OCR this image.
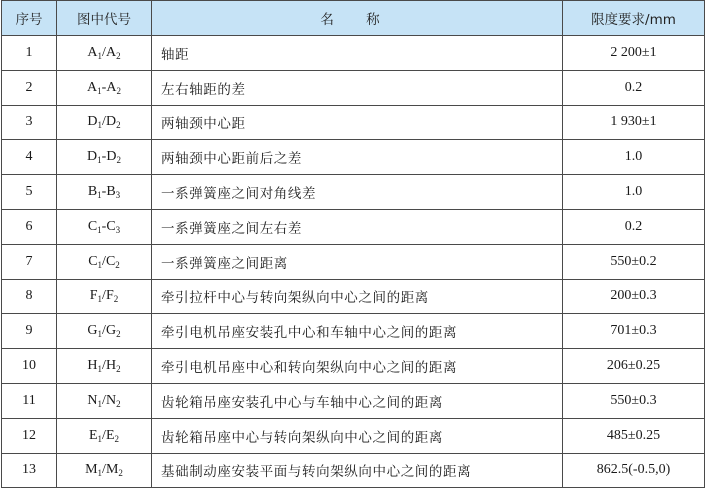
序号	图中代号	名 称	限度要求/mm
1	$A_1/A_2$	轴距	2 200±1
2	$A_1-A_2$	左右轴距的差	0.2
3	$D_1/D_2$	两轴颈中心距	1 930±1
4	$D_1-D_2$	两轴颈中心距前后之差	1.0
5	$B_1-B_3$	一系弹簧座之间对角线差	1.0
6	$C_1-C_3$	一系弹簧座之间左右差	0.2
7	$C_1/C_2$	一系弹簧座之间距离	550±0.2
8	$F_1/F_2$	牵引拉杆中心与转向架纵向中心之间的距离	200±0.3
9	$G_1/G_2$	牵引电机吊座安装孔中心和车轴中心之间的距离	701±0.3
10	$H_1/H_2$	牵引电机吊座中心和转向架纵向中心之间的距离	206±0.25
11	$N_1/N_2$	齿轮箱吊座安装孔中心与车轴中心之间的距离	550±0.3
12	$E_1/E_2$	齿轮箱吊座中心与转向架纵向中心之间的距离	485±0.25
13	$M_1/M_2$	基础制动座安装平面与转向架纵向中心之间的距离	862.5(-0.5,0)
